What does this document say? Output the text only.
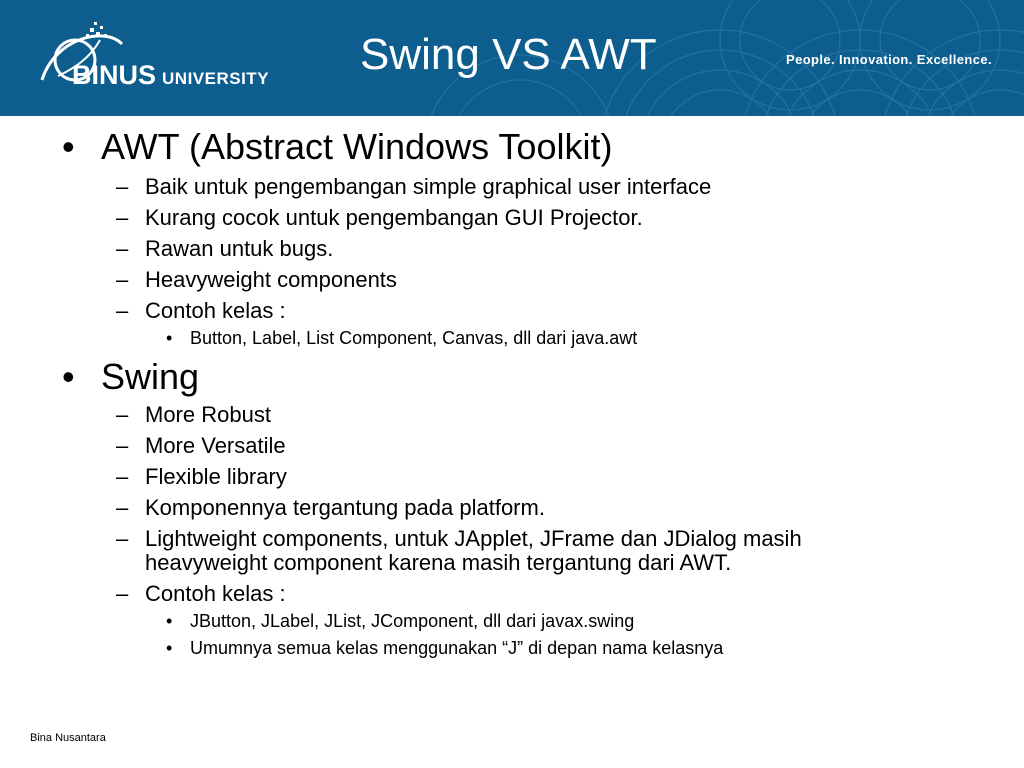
BINUS UNIVERSITY Swing VS AWT	People. Innovation. Excellence.
• AWT (Abstract Windows Toolkit)
– Baik untuk pengembangan simple graphical user interface
– Kurang cocok untuk pengembangan GUI Projector.
– Rawan untuk bugs.
– Heavyweight components
– Contoh kelas :
• Button, Label, List Component, Canvas, dll dari java.awt
• Swing
– More Robust
– More Versatile
– Flexible library
– Komponennya tergantung pada platform.
– Lightweight components, untuk JApplet, JFrame dan JDialog masih
heavyweight component karena masih tergantung dari AWT.
– Contoh kelas :
• JButton, JLabel, JList, JComponent, dll dari javax.swing
• Umumnya semua kelas menggunakan “J” di depan nama kelasnya
Bina Nusantara
